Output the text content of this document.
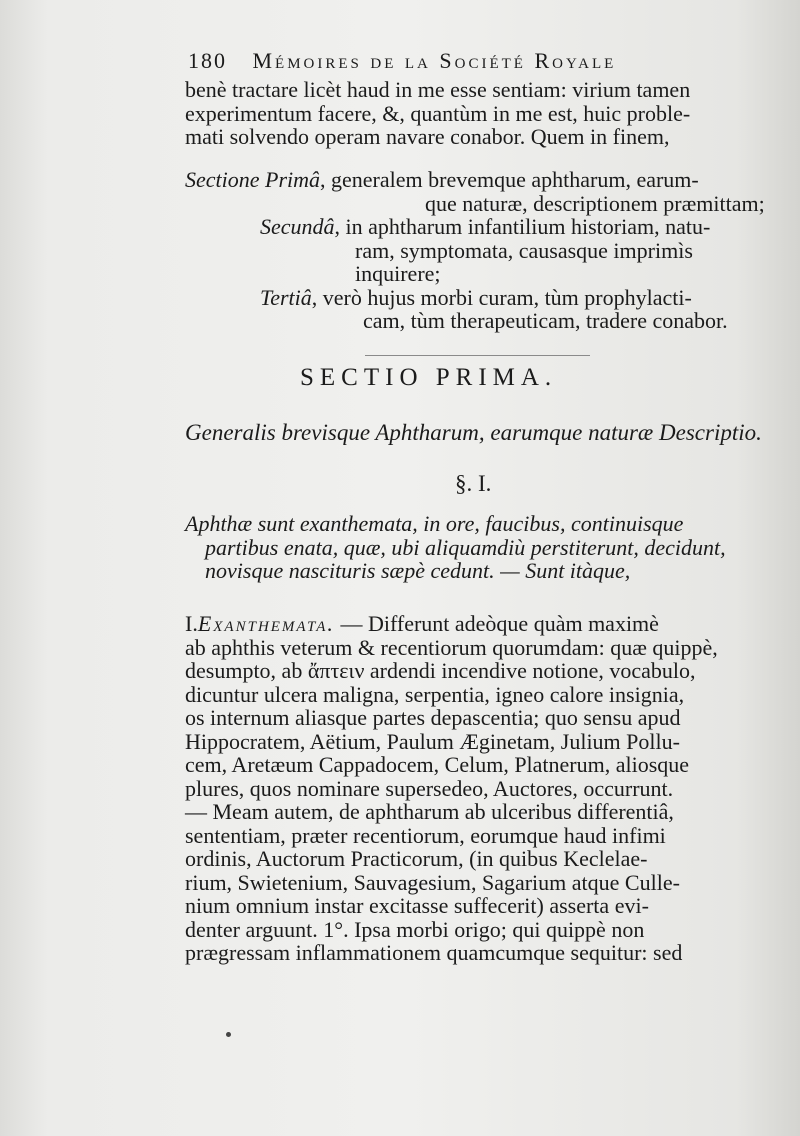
180 Mémoires de la Société Royale
benè tractare licèt haud in me esse sentiam: virium tamen
experimentum facere, &, quantùm in me est, huic proble-
mati solvendo operam navare conabor. Quem in finem,
Sectione Primâ, generalem brevemque aphtharum, earum-
que naturæ, descriptionem præmittam;
Secundâ, in aphtharum infantilium historiam, natu-
ram, symptomata, causasque imprimìs
inquirere;
Tertiâ, verò hujus morbi curam, tùm prophylacti-
cam, tùm therapeuticam, tradere conabor.
SECTIO PRIMA.
Generalis brevisque Aphtharum, earumque naturæ Descriptio.
§. I.
Aphthæ sunt exanthemata, in ore, faucibus, continuisque
partibus enata, quæ, ubi aliquamdiù perstiterunt, decidunt,
novisque nascituris sæpè cedunt. — Sunt itàque,
I.Exanthemata. — Differunt adeòque quàm maximè
ab aphthis veterum & recentiorum quorumdam: quæ quippè,
desumpto, ab ἄπτειν ardendi incendive notione, vocabulo,
dicuntur ulcera maligna, serpentia, igneo calore insignia,
os internum aliasque partes depascentia; quo sensu apud
Hippocratem, Aëtium, Paulum Æginetam, Julium Pollu-
cem, Aretæum Cappadocem, Celum, Platnerum, aliosque
plures, quos nominare supersedeo, Auctores, occurrunt.
— Meam autem, de aphtharum ab ulceribus differentiâ,
sententiam, præter recentiorum, eorumque haud infimi
ordinis, Auctorum Practicorum, (in quibus Keclelae-
rium, Swietenium, Sauvagesium, Sagarium atque Culle-
nium omnium instar excitasse suffecerit) asserta evi-
denter arguunt. 1°. Ipsa morbi origo; qui quippè non
prægressam inflammationem quamcumque sequitur: sed
